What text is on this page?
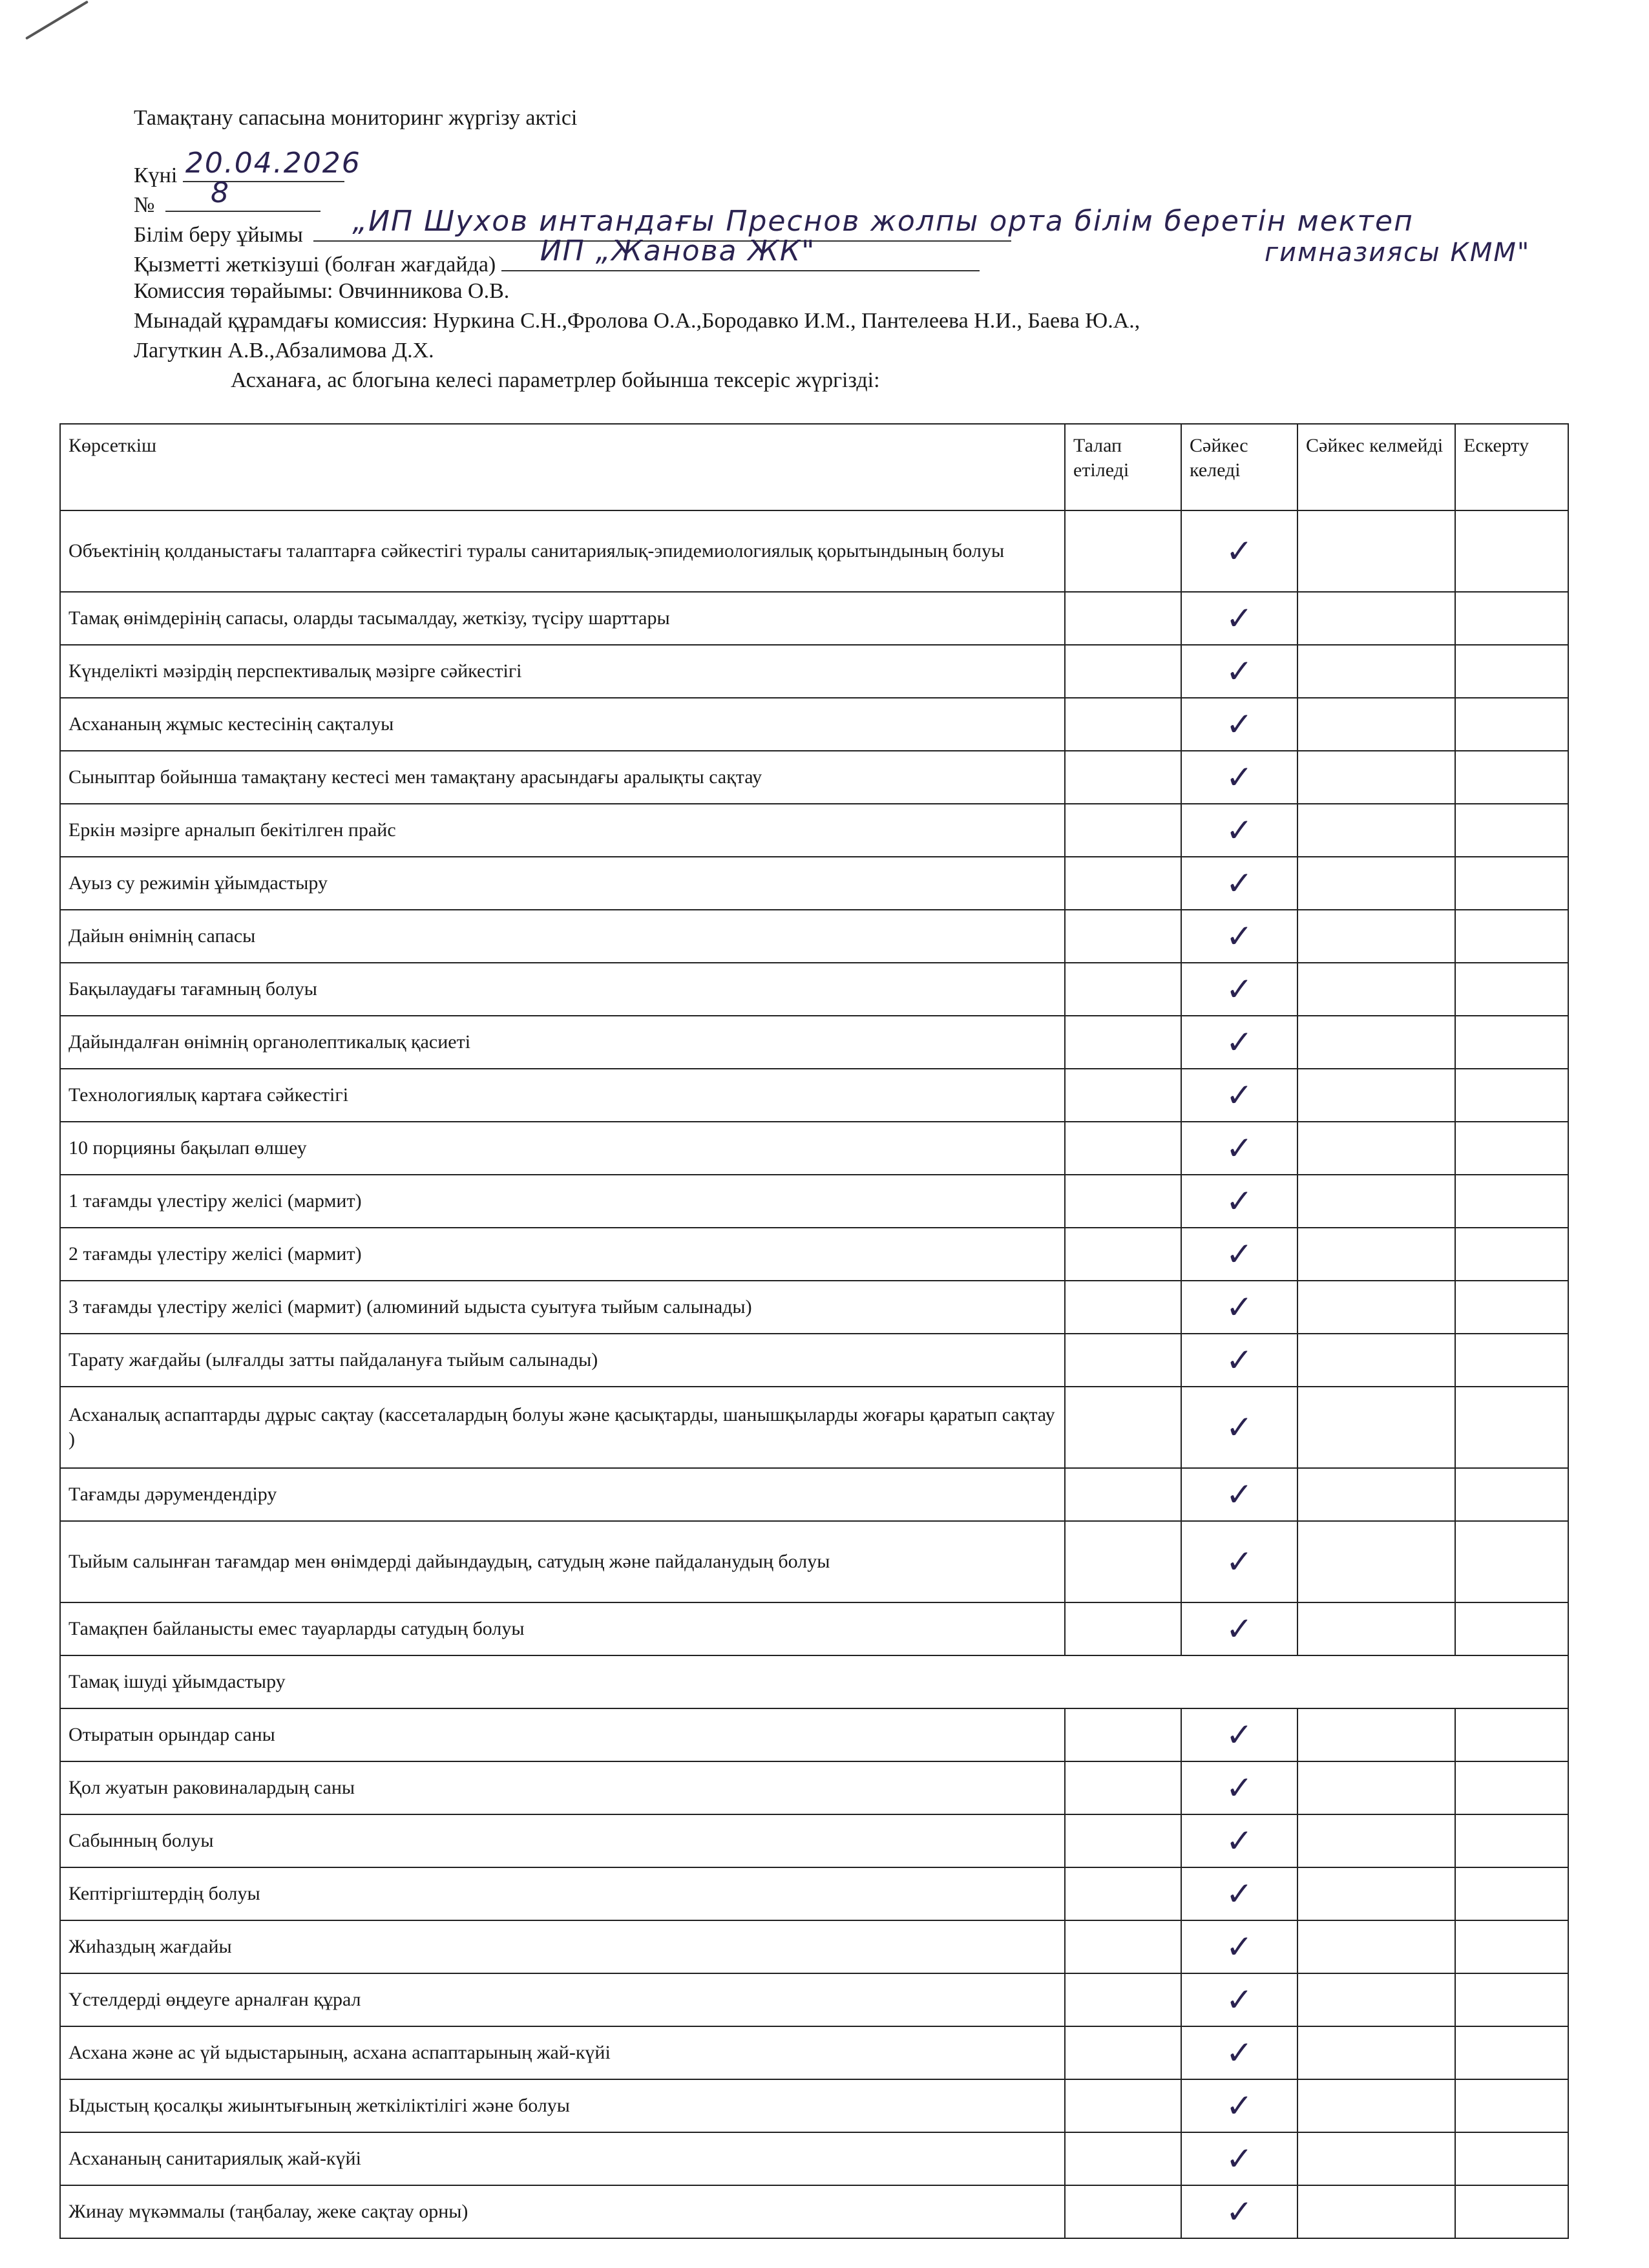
Тамақтану сапасына мониторинг жүргізу актісі
Күні 20.04.2026
№ 8
Білім беру ұйымы „ИП Шухов интандағы Преснов жолпы орта білім беретін мектеп
Қызметті жеткізуші (болған жағдайда) ИП „Жанова ЖК"	гимназиясы КММ"
Комиссия төрайымы: Овчинникова О.В.
Мынадай құрамдағы комиссия: Нуркина С.Н.,Фролова О.А.,Бородавко И.М., Пантелеева Н.И., Баева Ю.А.,
Лагуткин А.В.,Абзалимова Д.Х.
Асханаға, ас блогына келесі параметрлер бойынша тексеріс жүргізді:
Көрсеткіш	Талап етіледі	Сәйкес келеді	Сәйкес келмейді	Ескерту
Объектінің қолданыстағы талаптарға сәйкестігі туралы санитариялық-эпидемиологиялық қорытындының болуы		✓		
Тамақ өнімдерінің сапасы, оларды тасымалдау, жеткізу, түсіру шарттары		✓		
Күнделікті мәзірдің перспективалық мәзірге сәйкестігі		✓		
Асхананың жұмыс кестесінің сақталуы		✓		
Сыныптар бойынша тамақтану кестесі мен тамақтану арасындағы аралықты сақтау		✓		
Еркін мәзірге арналып бекітілген прайс		✓		
Ауыз су режимін ұйымдастыру		✓		
Дайын өнімнің сапасы		✓		
Бақылаудағы тағамның болуы		✓		
Дайындалған өнімнің органолептикалық қасиеті		✓		
Технологиялық картаға сәйкестігі		✓		
10 порцияны бақылап өлшеу		✓		
1 тағамды үлестіру желісі (мармит)		✓		
2 тағамды үлестіру желісі (мармит)		✓		
3 тағамды үлестіру желісі (мармит) (алюминий ыдыста суытуға тыйым салынады)		✓		
Тарату жағдайы (ылғалды затты пайдалануға тыйым салынады)		✓		
Асханалық аспаптарды дұрыс сақтау (кассеталардың болуы және қасықтарды, шанышқыларды жоғары қаратып сақтау )		✓		
Тағамды дәрумендендіру		✓		
Тыйым салынған тағамдар мен өнімдерді дайындаудың, сатудың және пайдаланудың болуы		✓		
Тамақпен байланысты емес тауарларды сатудың болуы		✓		
Тамақ ішуді ұйымдастыру				
Отыратын орындар саны		✓		
Қол жуатын раковиналардың саны		✓		
Сабынның болуы		✓		
Кептіргіштердің болуы		✓		
Жиһаздың жағдайы		✓		
Үстелдерді өңдеуге арналған құрал		✓		
Асхана және ас үй ыдыстарының, асхана аспаптарының жай-күйі		✓		
Ыдыстың қосалқы жиынтығының жеткіліктілігі және болуы		✓		
Асхананың санитариялық жай-күйі		✓		
Жинау мүкәммалы (таңбалау, жеке сақтау орны)		✓		
